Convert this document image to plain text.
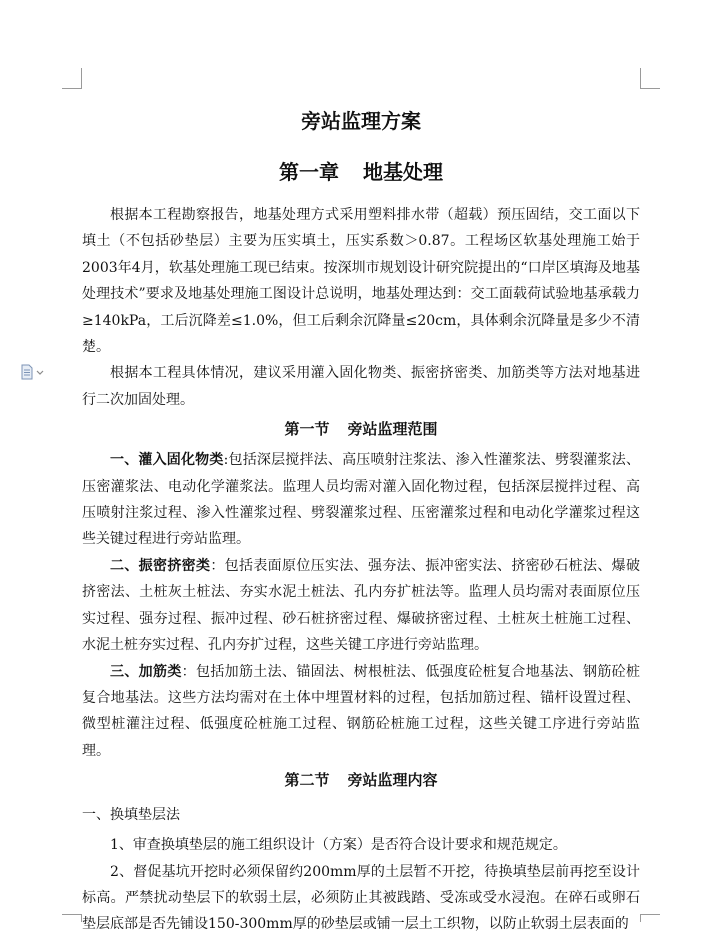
旁站监理方案
第一章 地基处理

根据本工程勘察报告，地基处理方式采用塑料排水带（超载）预压固结，交工面以下填土（不包括砂垫层）主要为压实填土，压实系数＞0.87。工程场区软基处理施工始于2003年4月，软基处理施工现已结束。按深圳市规划设计研究院提出的“口岸区填海及地基处理技术”要求及地基处理施工图设计总说明，地基处理达到：交工面载荷试验地基承载力≥140kPa，工后沉降差≤1.0%，但工后剩余沉降量≤20cm，具体剩余沉降量是多少不清楚。

根据本工程具体情况，建议采用灌入固化物类、振密挤密类、加筋类等方法对地基进行二次加固处理。

第一节 旁站监理范围

一、灌入固化物类:包括深层搅拌法、高压喷射注浆法、渗入性灌浆法、劈裂灌浆法、压密灌浆法、电动化学灌浆法。监理人员均需对灌入固化物过程，包括深层搅拌过程、高压喷射注浆过程、渗入性灌浆过程、劈裂灌浆过程、压密灌浆过程和电动化学灌浆过程这些关键过程进行旁站监理。

二、振密挤密类：包括表面原位压实法、强夯法、振冲密实法、挤密砂石桩法、爆破挤密法、土桩灰土桩法、夯实水泥土桩法、孔内夯扩桩法等。监理人员均需对表面原位压实过程、强夯过程、振冲过程、砂石桩挤密过程、爆破挤密过程、土桩灰土桩施工过程、水泥土桩夯实过程、孔内夯扩过程，这些关键工序进行旁站监理。

三、加筋类：包括加筋土法、锚固法、树根桩法、低强度砼桩复合地基法、钢筋砼桩复合地基法。这些方法均需对在土体中埋置材料的过程，包括加筋过程、锚杆设置过程、微型桩灌注过程、低强度砼桩施工过程、钢筋砼桩施工过程，这些关键工序进行旁站监理。

第二节 旁站监理内容

一、换填垫层法

1、审查换填垫层的施工组织设计（方案）是否符合设计要求和规范规定。

2、督促基坑开挖时必须保留约200mm厚的土层暂不开挖，待换填垫层前再挖至设计标高。严禁扰动垫层下的软弱土层，必须防止其被践踏、受冻或受水浸泡。在碎石或卵石垫层底部是否先铺设150-300mm厚的砂垫层或铺一层土工织物，以防止软弱土层表面的
